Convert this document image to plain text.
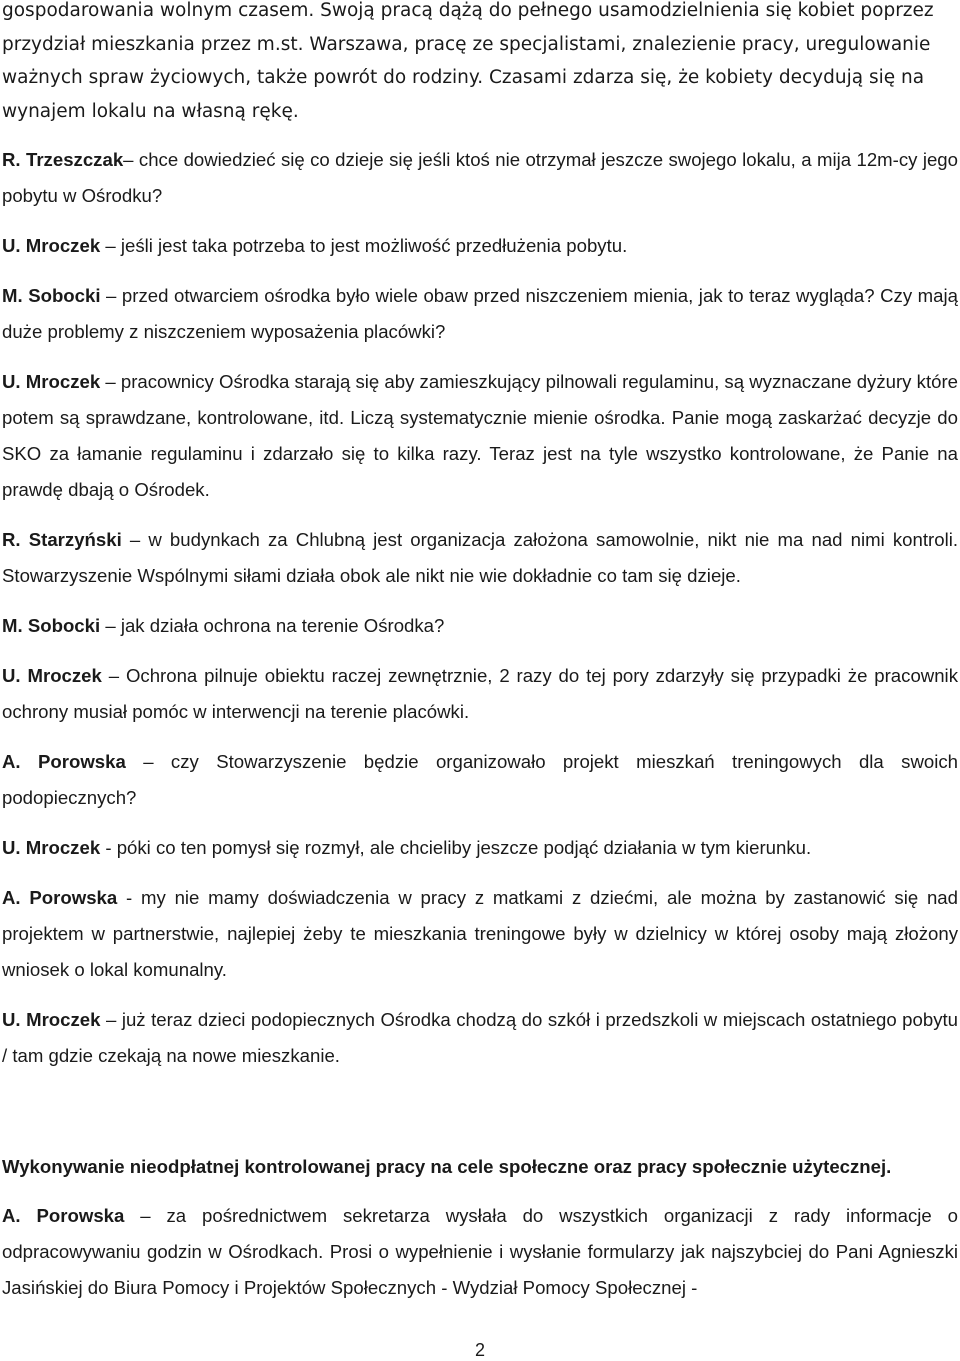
gospodarowania wolnym czasem. Swoją pracą dążą do pełnego usamodzielnienia się kobiet poprzez przydział mieszkania przez m.st. Warszawa, pracę ze specjalistami, znalezienie pracy, uregulowanie ważnych spraw życiowych, także powrót do rodziny. Czasami zdarza się, że kobiety decydują się na wynajem lokalu na własną rękę.

R. Trzeszczak– chce dowiedzieć się co dzieje się jeśli ktoś nie otrzymał jeszcze swojego lokalu, a mija 12m-cy jego pobytu w Ośrodku?

U. Mroczek – jeśli jest taka potrzeba to jest możliwość przedłużenia pobytu.

M. Sobocki – przed otwarciem ośrodka było wiele obaw przed niszczeniem mienia, jak to teraz wygląda? Czy mają duże problemy z niszczeniem wyposażenia placówki?

U. Mroczek – pracownicy Ośrodka starają się aby zamieszkujący pilnowali regulaminu, są wyznaczane dyżury które potem są sprawdzane, kontrolowane, itd. Liczą systematycznie mienie ośrodka. Panie mogą zaskarżać decyzje do SKO za łamanie regulaminu i zdarzało się to kilka razy. Teraz jest na tyle wszystko kontrolowane, że Panie na prawdę dbają o Ośrodek.

R. Starzyński – w budynkach za Chlubną jest organizacja założona samowolnie, nikt nie ma nad nimi kontroli. Stowarzyszenie Wspólnymi siłami działa obok ale nikt nie wie dokładnie co tam się dzieje.

M. Sobocki – jak działa ochrona na terenie Ośrodka?

U. Mroczek – Ochrona pilnuje obiektu raczej zewnętrznie, 2 razy do tej pory zdarzyły się przypadki że pracownik ochrony musiał pomóc w interwencji na terenie placówki.

A. Porowska – czy Stowarzyszenie będzie organizowało projekt mieszkań treningowych dla swoich podopiecznych?

U. Mroczek - póki co ten pomysł się rozmył, ale chcieliby jeszcze podjąć działania w tym kierunku.

A. Porowska - my nie mamy doświadczenia w pracy z matkami z dziećmi, ale można by zastanowić się nad projektem w partnerstwie, najlepiej żeby te mieszkania treningowe były w dzielnicy w której osoby mają złożony wniosek o lokal komunalny.

U. Mroczek – już teraz dzieci podopiecznych Ośrodka chodzą do szkół i przedszkoli w miejscach ostatniego pobytu / tam gdzie czekają na nowe mieszkanie.

Wykonywanie nieodpłatnej kontrolowanej pracy na cele społeczne oraz pracy społecznie użytecznej.

A. Porowska – za pośrednictwem sekretarza wysłała do wszystkich organizacji z rady informacje o odpracowywaniu godzin w Ośrodkach. Prosi o wypełnienie i wysłanie formularzy jak najszybciej do Pani Agnieszki Jasińskiej do Biura Pomocy i Projektów Społecznych - Wydział Pomocy Społecznej -

2
